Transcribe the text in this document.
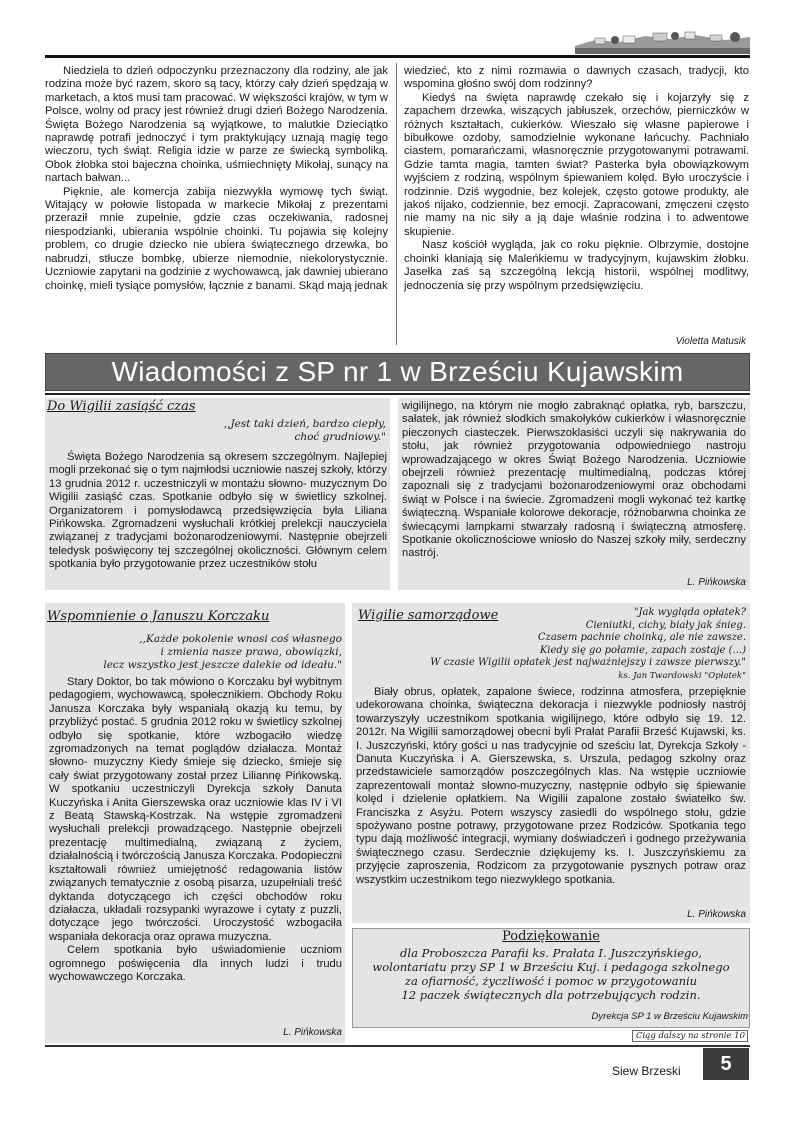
Niedziela to dzień odpoczynku przeznaczony dla rodziny, ale jak rodzina może być razem, skoro są tacy, którzy cały dzień spędzają w marketach, a ktoś musi tam pracować. W większości krajów, w tym w Polsce, wolny od pracy jest również drugi dzień Bożego Narodzenia. Święta Bożego Narodzenia są wyjątkowe, to malutkie Dzieciątko naprawdę potrafi jednoczyć i tym praktykujący uznają magię tego wieczoru, tych świąt. Religia idzie w parze ze świecką symboliką. Obok żłobka stoi bajeczna choinka, uśmiechnięty Mikołaj, sunący na nartach bałwan...

Pięknie, ale komercja zabija niezwykła wymowę tych świąt. Witający w połowie listopada w markecie Mikołaj z prezentami przeraził mnie zupełnie, gdzie czas oczekiwania, radosnej niespodzianki, ubierania wspólnie choinki. Tu pojawia się kolejny problem, co drugie dziecko nie ubiera świątecznego drzewka, bo nabrudzi, stłucze bombkę, ubierze niemodnie, niekolorystycznie. Uczniowie zapytani na godzinie z wychowawcą, jak dawniej ubierano choinkę, mieli tysiące pomysłów, łącznie z banami. Skąd mają jednak

wiedzieć, kto z nimi rozmawia o dawnych czasach, tradycji, kto wspomina głośno swój dom rodzinny?

Kiedyś na święta naprawdę czekało się i kojarzyły się z zapachem drzewka, wiszących jabłuszek, orzechów, pierniczków w różnych kształtach, cukierków. Wieszało się własne papierowe i bibułkowe ozdoby, samodzielnie wykonane łańcuchy. Pachniało ciastem, pomarańczami, własnoręcznie przygotowanymi potrawami. Gdzie tamta magia, tamten świat? Pasterka była obowiązkowym wyjściem z rodziną, wspólnym śpiewaniem kolęd. Było uroczyście i rodzinnie. Dziś wygodnie, bez kolejek, często gotowe produkty, ale jakoś nijako, codziennie, bez emocji. Zapracowani, zmęczeni często nie mamy na nic siły a ją daje właśnie rodzina i to adwentowe skupienie.

Nasz kościół wygląda, jak co roku pięknie. Olbrzymie, dostojne choinki kłaniają się Maleńkiemu w tradycyjnym, kujawskim żłobku. Jasełka zaś są szczególną lekcją historii, wspólnej modlitwy, jednoczenia się przy wspólnym przedsięwzięciu.

Violetta Matusik
Wiadomości z SP nr 1 w Brześciu Kujawskim
Do Wigilii zasiąść czas
,,Jest taki dzień, bardzo ciepły,
choć grudniowy."

Święta Bożego Narodzenia są okresem szczególnym. Najlepiej mogli przekonać się o tym najmłodsi uczniowie naszej szkoły, którzy 13 grudnia 2012 r. uczestniczyli w montażu słowno- muzycznym Do Wigilii zasiąść czas. Spotkanie odbyło się w świetlicy szkolnej. Organizatorem i pomysłodawcą przedsięwzięcia była Liliana Pińkowska. Zgromadzeni wysłuchali krótkiej prelekcji nauczyciela związanej z tradycjami bożonarodzeniowymi. Następnie obejrzeli teledysk poświęcony tej szczególnej okoliczności. Głównym celem spotkania było przygotowanie przez uczestników stołu

wigilijnego, na którym nie mogło zabraknąć opłatka, ryb, barszczu, sałatek, jak również słodkich smakołyków cukierków i własnoręcznie pieczonych ciasteczek. Pierwszoklasiści uczyli się nakrywania do stołu, jak również przygotowania odpowiedniego nastroju wprowadzającego w okres Świąt Bożego Narodzenia. Uczniowie obejrzeli również prezentację multimedialną, podczas której zapoznali się z tradycjami bożonarodzeniowymi oraz obchodami świąt w Polsce i na świecie. Zgromadzeni mogli wykonać też kartkę świąteczną. Wspaniałe kolorowe dekoracje, różnobarwna choinka ze świecącymi lampkami stwarzały radosną i świąteczną atmosferę. Spotkanie okolicznościowe wniosło do Naszej szkoły miły, serdeczny nastrój.

L. Pińkowska
Wspomnienie o Januszu Korczaku
,,Każde pokolenie wnosi coś własnego
i zmienia nasze prawa, obowiązki,
lecz wszystko jest jeszcze dalekie od ideału."

Stary Doktor, bo tak mówiono o Korczaku był wybitnym pedagogiem, wychowawcą, społecznikiem. Obchody Roku Janusza Korczaka były wspaniałą okazją ku temu, by przybliżyć postać. 5 grudnia 2012 roku w świetlicy szkolnej odbyło się spotkanie, które wzbogaciło wiedzę zgromadzonych na temat poglądów działacza. Montaż słowno- muzyczny Kiedy śmieje się dziecko, śmieje się cały świat przygotowany został przez Liliannę Pińkowską. W spotkaniu uczestniczyli Dyrekcja szkoły Danuta Kuczyńska i Anita Gierszewska oraz uczniowie klas IV i VI z Beatą Stawską-Kostrzak. Na wstępie zgromadzeni wysłuchali prelekcji prowadzącego. Następnie obejrzeli prezentację multimedialną, związaną z życiem, działalnością i twórczością Janusza Korczaka. Podopieczni kształtowali również umiejętność redagowania listów związanych tematycznie z osobą pisarza, uzupełniali treść dyktanda dotyczącego ich części obchodów roku działacza, układali rozsypanki wyrazowe i cytaty z puzzli, dotyczące jego twórczości. Uroczystość wzbogaciła wspaniała dekoracja oraz oprawa muzyczna.

Celem spotkania było uświadomienie uczniom ogromnego poświęcenia dla innych ludzi i trudu wychowawczego Korczaka.

L. Pińkowska
Wigilie samorządowe	"Jak wygląda opłatek?
Cieniutki, cichy, biały jak śnieg.
Czasem pachnie choinką, ale nie zawsze.
Kiedy się go połamie, zapach zostaje (...)
W czasie Wigilii opłatek jest najważniejszy i zawsze pierwszy."
ks. Jan Twardowski "Opłatek"

Biały obrus, opłatek, zapalone świece, rodzinna atmosfera, przepięknie udekorowana choinka, świąteczna dekoracja i niezwykle podniosły nastrój towarzyszyły uczestnikom spotkania wigilijnego, które odbyło się 19. 12. 2012r. Na Wigilii samorządowej obecni byli Prałat Parafii Brześć Kujawski, ks. I. Juszczyński, który gości u nas tradycyjnie od sześciu lat, Dyrekcja Szkoły - Danuta Kuczyńska i A. Gierszewska, s. Urszula, pedagog szkolny oraz przedstawiciele samorządów poszczególnych klas. Na wstępie uczniowie zaprezentowali montaż słowno-muzyczny, następnie odbyło się śpiewanie kolęd i dzielenie opłatkiem. Na Wigilii zapalone zostało światełko św. Franciszka z Asyżu. Potem wszyscy zasiedli do wspólnego stołu, gdzie spożywano postne potrawy, przygotowane przez Rodziców. Spotkania tego typu dają możliwość integracji, wymiany doświadczeń i godnego przeżywania świątecznego czasu. Serdecznie dziękujemy ks. I. Juszczyńskiemu za przyjęcie zaproszenia, Rodzicom za przygotowanie pysznych potraw oraz wszystkim uczestnikom tego niezwykłego spotkania.

L. Pińkowska
Podziękowanie
dla Proboszcza Parafii ks. Prałata I. Juszczyńskiego,
wolontariatu przy SP 1 w Brześciu Kuj. i pedagoga szkolnego
za ofiarność, życzliwość i pomoc w przygotowaniu
12 paczek świątecznych dla potrzebujących rodzin.
Dyrekcja SP 1 w Brześciu Kujawskim
Ciąg dalszy na stronie 10
Siew Brzeski	5
